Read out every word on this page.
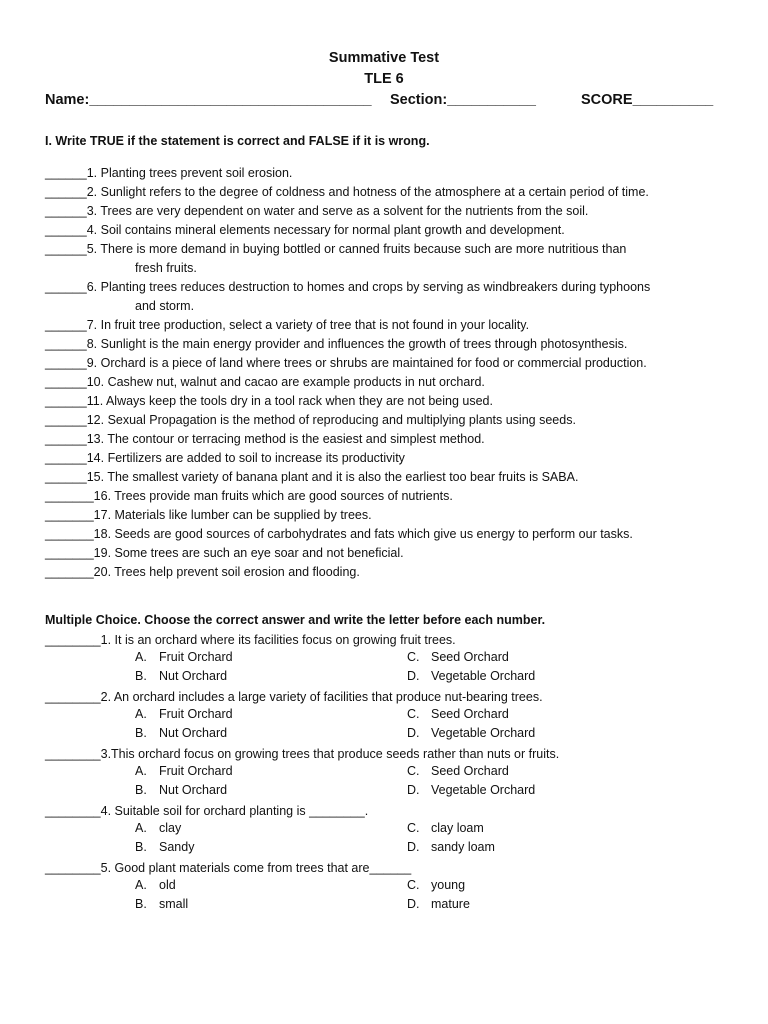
Summative Test
TLE 6
Name:___________________________________ Section:___________	SCORE__________
I. Write TRUE if the statement is correct and FALSE if it is wrong.
______1. Planting trees prevent soil erosion.
______2. Sunlight refers to the degree of coldness and hotness of the atmosphere at a certain period of time.
______3. Trees are very dependent on water and serve as a solvent for the nutrients from the soil.
______4. Soil contains mineral elements necessary for normal plant growth and development.
______5. There is more demand in buying bottled or canned fruits because such are more nutritious than
fresh fruits.
______6. Planting trees reduces destruction to homes and crops by serving as windbreakers during typhoons
and storm.
______7. In fruit tree production, select a variety of tree that is not found in your locality.
______8. Sunlight is the main energy provider and influences the growth of trees through photosynthesis.
______9. Orchard is a piece of land where trees or shrubs are maintained for food or commercial production.
______10. Cashew nut, walnut and cacao are example products in nut orchard.
______11. Always keep the tools dry in a tool rack when they are not being used.
______12. Sexual Propagation is the method of reproducing and multiplying plants using seeds.
______13. The contour or terracing method is the easiest and simplest method.
______14. Fertilizers are added to soil to increase its productivity
______15. The smallest variety of banana plant and it is also the earliest too bear fruits is SABA.
_______16. Trees provide man fruits which are good sources of nutrients.
_______17. Materials like lumber can be supplied by trees.
_______18. Seeds are good sources of carbohydrates and fats which give us energy to perform our tasks.
_______19. Some trees are such an eye soar and not beneficial.
_______20. Trees help prevent soil erosion and flooding.
Multiple Choice. Choose the correct answer and write the letter before each number.
________1. It is an orchard where its facilities focus on growing fruit trees.
A. Fruit Orchard	C. Seed Orchard
B. Nut Orchard	D. Vegetable Orchard
________2. An orchard includes a large variety of facilities that produce nut-bearing trees.
A. Fruit Orchard	C. Seed Orchard
B. Nut Orchard	D. Vegetable Orchard
________3.This orchard focus on growing trees that produce seeds rather than nuts or fruits.
A. Fruit Orchard	C. Seed Orchard
B. Nut Orchard	D. Vegetable Orchard
________4. Suitable soil for orchard planting is ________.
A. clay	C. clay loam
B. Sandy	D. sandy loam
________5. Good plant materials come from trees that are______
A. old	C. young
B. small	D. mature
